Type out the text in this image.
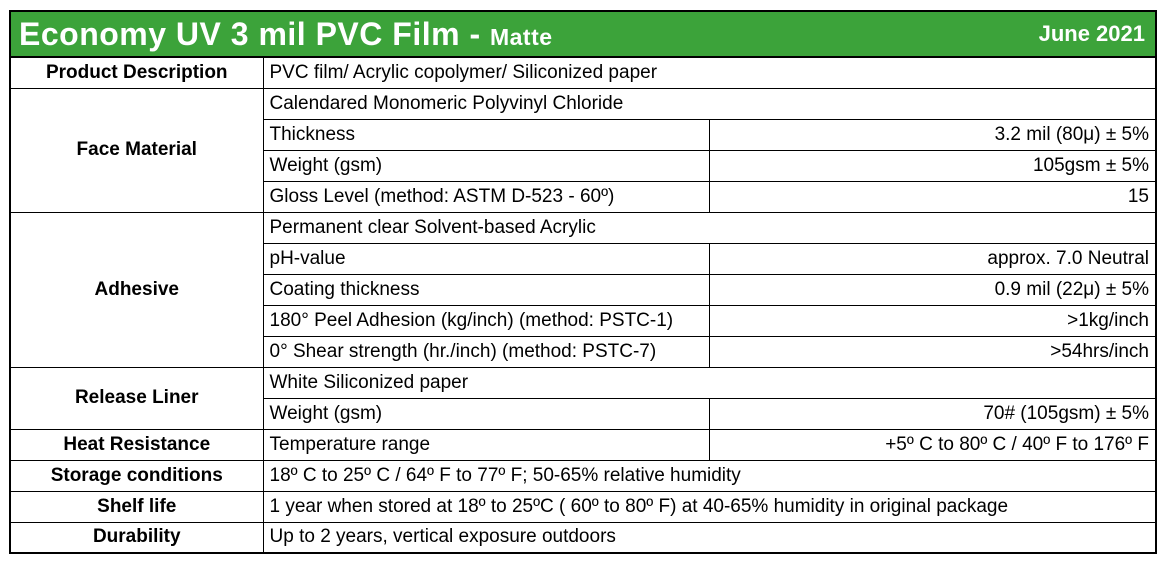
Economy UV 3 mil PVC Film - Matte	June 2021
Product Description	PVC film/ Acrylic copolymer/ Siliconized paper	
Face Material	Calendared Monomeric Polyvinyl Chloride	
	Thickness	3.2 mil (80μ) ± 5%
	Weight (gsm)	105gsm ± 5%
	Gloss Level (method: ASTM D-523 - 60º)	15
Adhesive	Permanent clear Solvent-based Acrylic	
	pH-value	approx. 7.0 Neutral
	Coating thickness	0.9 mil (22μ) ± 5%
	180° Peel Adhesion (kg/inch) (method: PSTC-1)	>1kg/inch
	0° Shear strength (hr./inch) (method: PSTC-7)	>54hrs/inch
Release Liner	White Siliconized paper	
	Weight (gsm)	70# (105gsm) ± 5%
Heat Resistance	Temperature range	+5º C to 80º C / 40º F to 176º F
Storage conditions	18º C to 25º C / 64º F to 77º F; 50-65% relative humidity	
Shelf life	1 year when stored at 18º to 25ºC ( 60º to 80º F) at 40-65% humidity in original package	
Durability	Up to 2 years, vertical exposure outdoors	
